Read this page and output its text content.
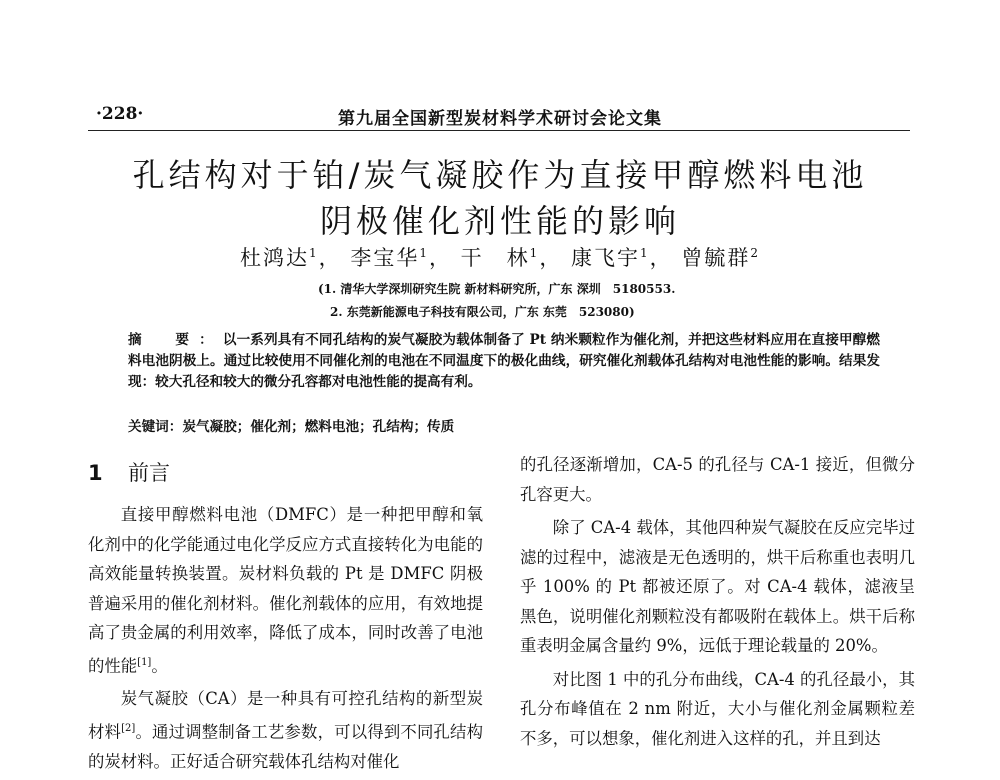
·228·	第九届全国新型炭材料学术研讨会论文集
孔结构对于铂/炭气凝胶作为直接甲醇燃料电池
阴极催化剂性能的影响
杜鸿达$^1$， 李宝华$^1$， 干　林$^1$， 康飞宇$^1$， 曾毓群$^2$
(1. 清华大学深圳研究生院 新材料研究所，广东 深圳　5180553.
2. 东莞新能源电子科技有限公司，广东 东莞　523080)
摘　要：以一系列具有不同孔结构的炭气凝胶为载体制备了 Pt 纳米颗粒作为催化剂，并把这些材料应用在直接甲醇燃料电池阴极上。通过比较使用不同催化剂的电池在不同温度下的极化曲线，研究催化剂载体孔结构对电池性能的影响。结果发现：较大孔径和较大的微分孔容都对电池性能的提高有利。
关键词：炭气凝胶；催化剂；燃料电池；孔结构；传质
1 前言

直接甲醇燃料电池（DMFC）是一种把甲醇和氧化剂中的化学能通过电化学反应方式直接转化为电能的高效能量转换装置。炭材料负载的 Pt 是 DMFC 阴极普遍采用的催化剂材料。催化剂载体的应用，有效地提高了贵金属的利用效率，降低了成本，同时改善了电池的性能[1]。

炭气凝胶（CA）是一种具有可控孔结构的新型炭材料[2]。通过调整制备工艺参数，可以得到不同孔结构的炭材料。正好适合研究载体孔结构对催化

的孔径逐渐增加，CA-5 的孔径与 CA-1 接近，但微分孔容更大。

除了 CA-4 载体，其他四种炭气凝胶在反应完毕过滤的过程中，滤液是无色透明的，烘干后称重也表明几乎 100% 的 Pt 都被还原了。对 CA-4 载体，滤液呈黑色，说明催化剂颗粒没有都吸附在载体上。烘干后称重表明金属含量约 9%，远低于理论载量的 20%。

对比图 1 中的孔分布曲线，CA-4 的孔径最小，其孔分布峰值在 2 nm 附近，大小与催化剂金属颗粒差不多，可以想象，催化剂进入这样的孔，并且到达
